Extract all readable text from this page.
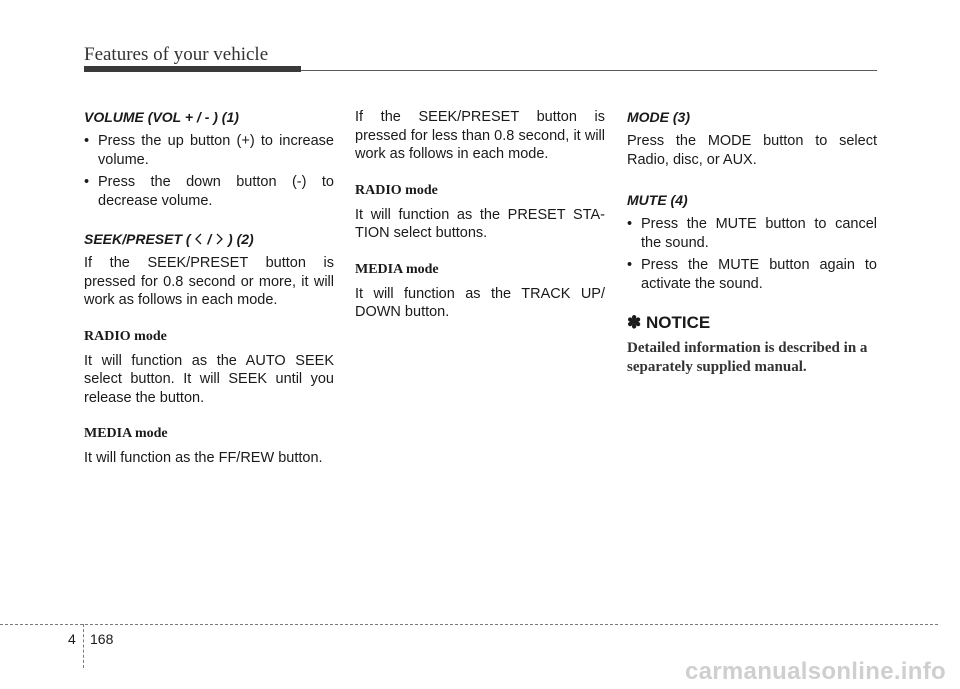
Features of your vehicle
VOLUME (VOL + / - ) (1)
• Press the up button (+) to increase volume.
• Press the down button (-) to decrease volume.
SEEK/PRESET ( / ) (2)
If the SEEK/PRESET button is pressed for 0.8 second or more, it will work as follows in each mode.
RADIO mode
It will function as the AUTO SEEK select button. It will SEEK until you release the button.
MEDIA mode
It will function as the FF/REW button.
If the SEEK/PRESET button is pressed for less than 0.8 second, it will work as follows in each mode.
RADIO mode
It will function as the PRESET STA-TION select buttons.
MEDIA mode
It will function as the TRACK UP/ DOWN button.
MODE (3)
Press the MODE button to select Radio, disc, or AUX.
MUTE (4)
• Press the MUTE button to cancel the sound.
• Press the MUTE button again to activate the sound.
✽ NOTICE
Detailed information is described in a separately supplied manual.
4 168
carmanualsonline.info
